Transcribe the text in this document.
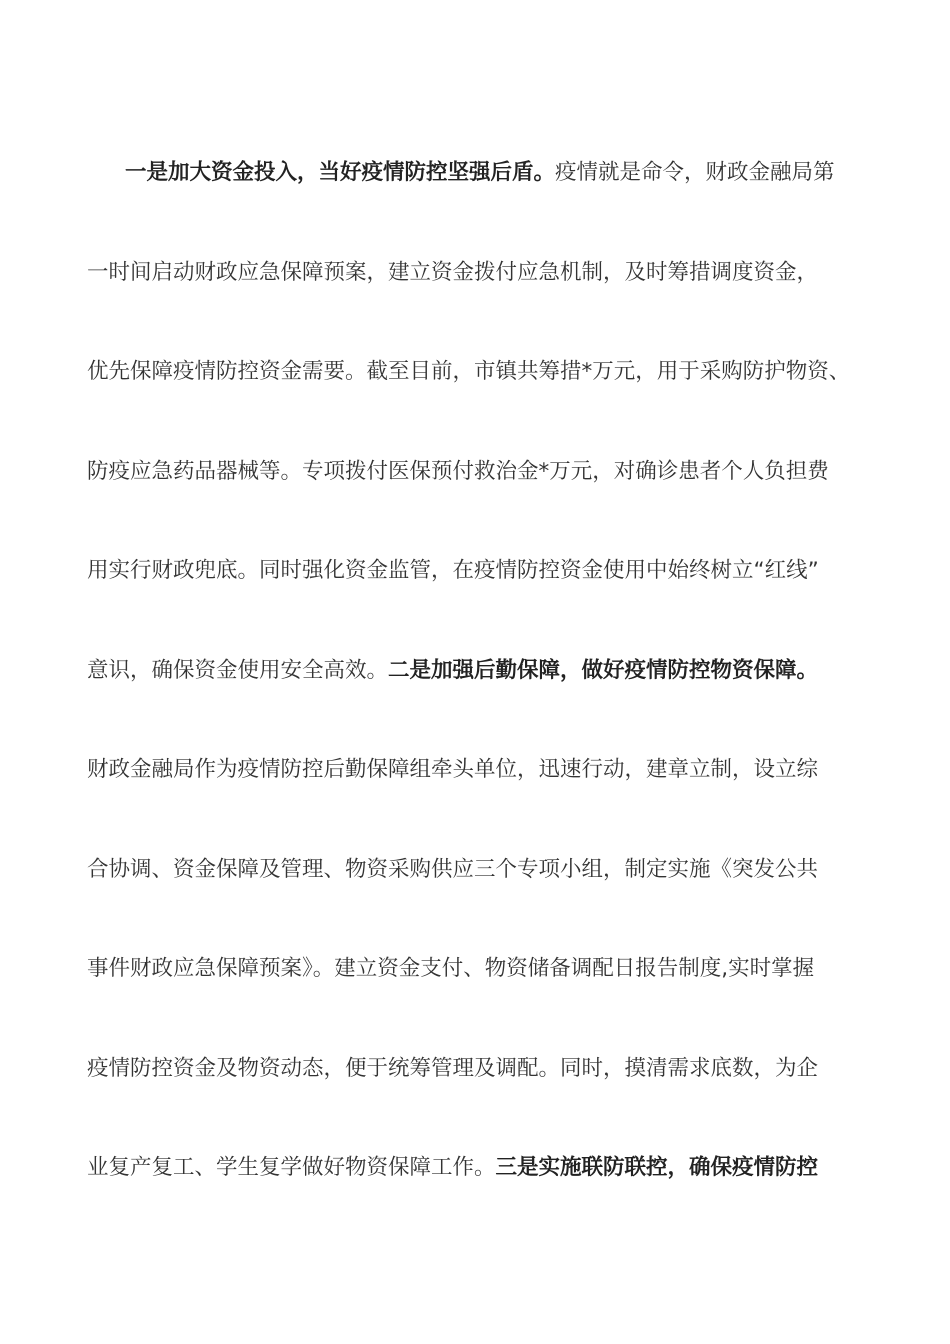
一是加大资金投入，当好疫情防控坚强后盾。疫情就是命令，财政金融局第
一时间启动财政应急保障预案，建立资金拨付应急机制，及时筹措调度资金，
优先保障疫情防控资金需要。截至目前，市镇共筹措*万元，用于采购防护物资、
防疫应急药品器械等。专项拨付医保预付救治金*万元，对确诊患者个人负担费
用实行财政兜底。同时强化资金监管，在疫情防控资金使用中始终树立“红线”
意识，确保资金使用安全高效。二是加强后勤保障，做好疫情防控物资保障。
财政金融局作为疫情防控后勤保障组牵头单位，迅速行动，建章立制，设立综
合协调、资金保障及管理、物资采购供应三个专项小组，制定实施《突发公共
事件财政应急保障预案》。建立资金支付、物资储备调配日报告制度,实时掌握
疫情防控资金及物资动态，便于统筹管理及调配。同时，摸清需求底数，为企
业复产复工、学生复学做好物资保障工作。三是实施联防联控，确保疫情防控
